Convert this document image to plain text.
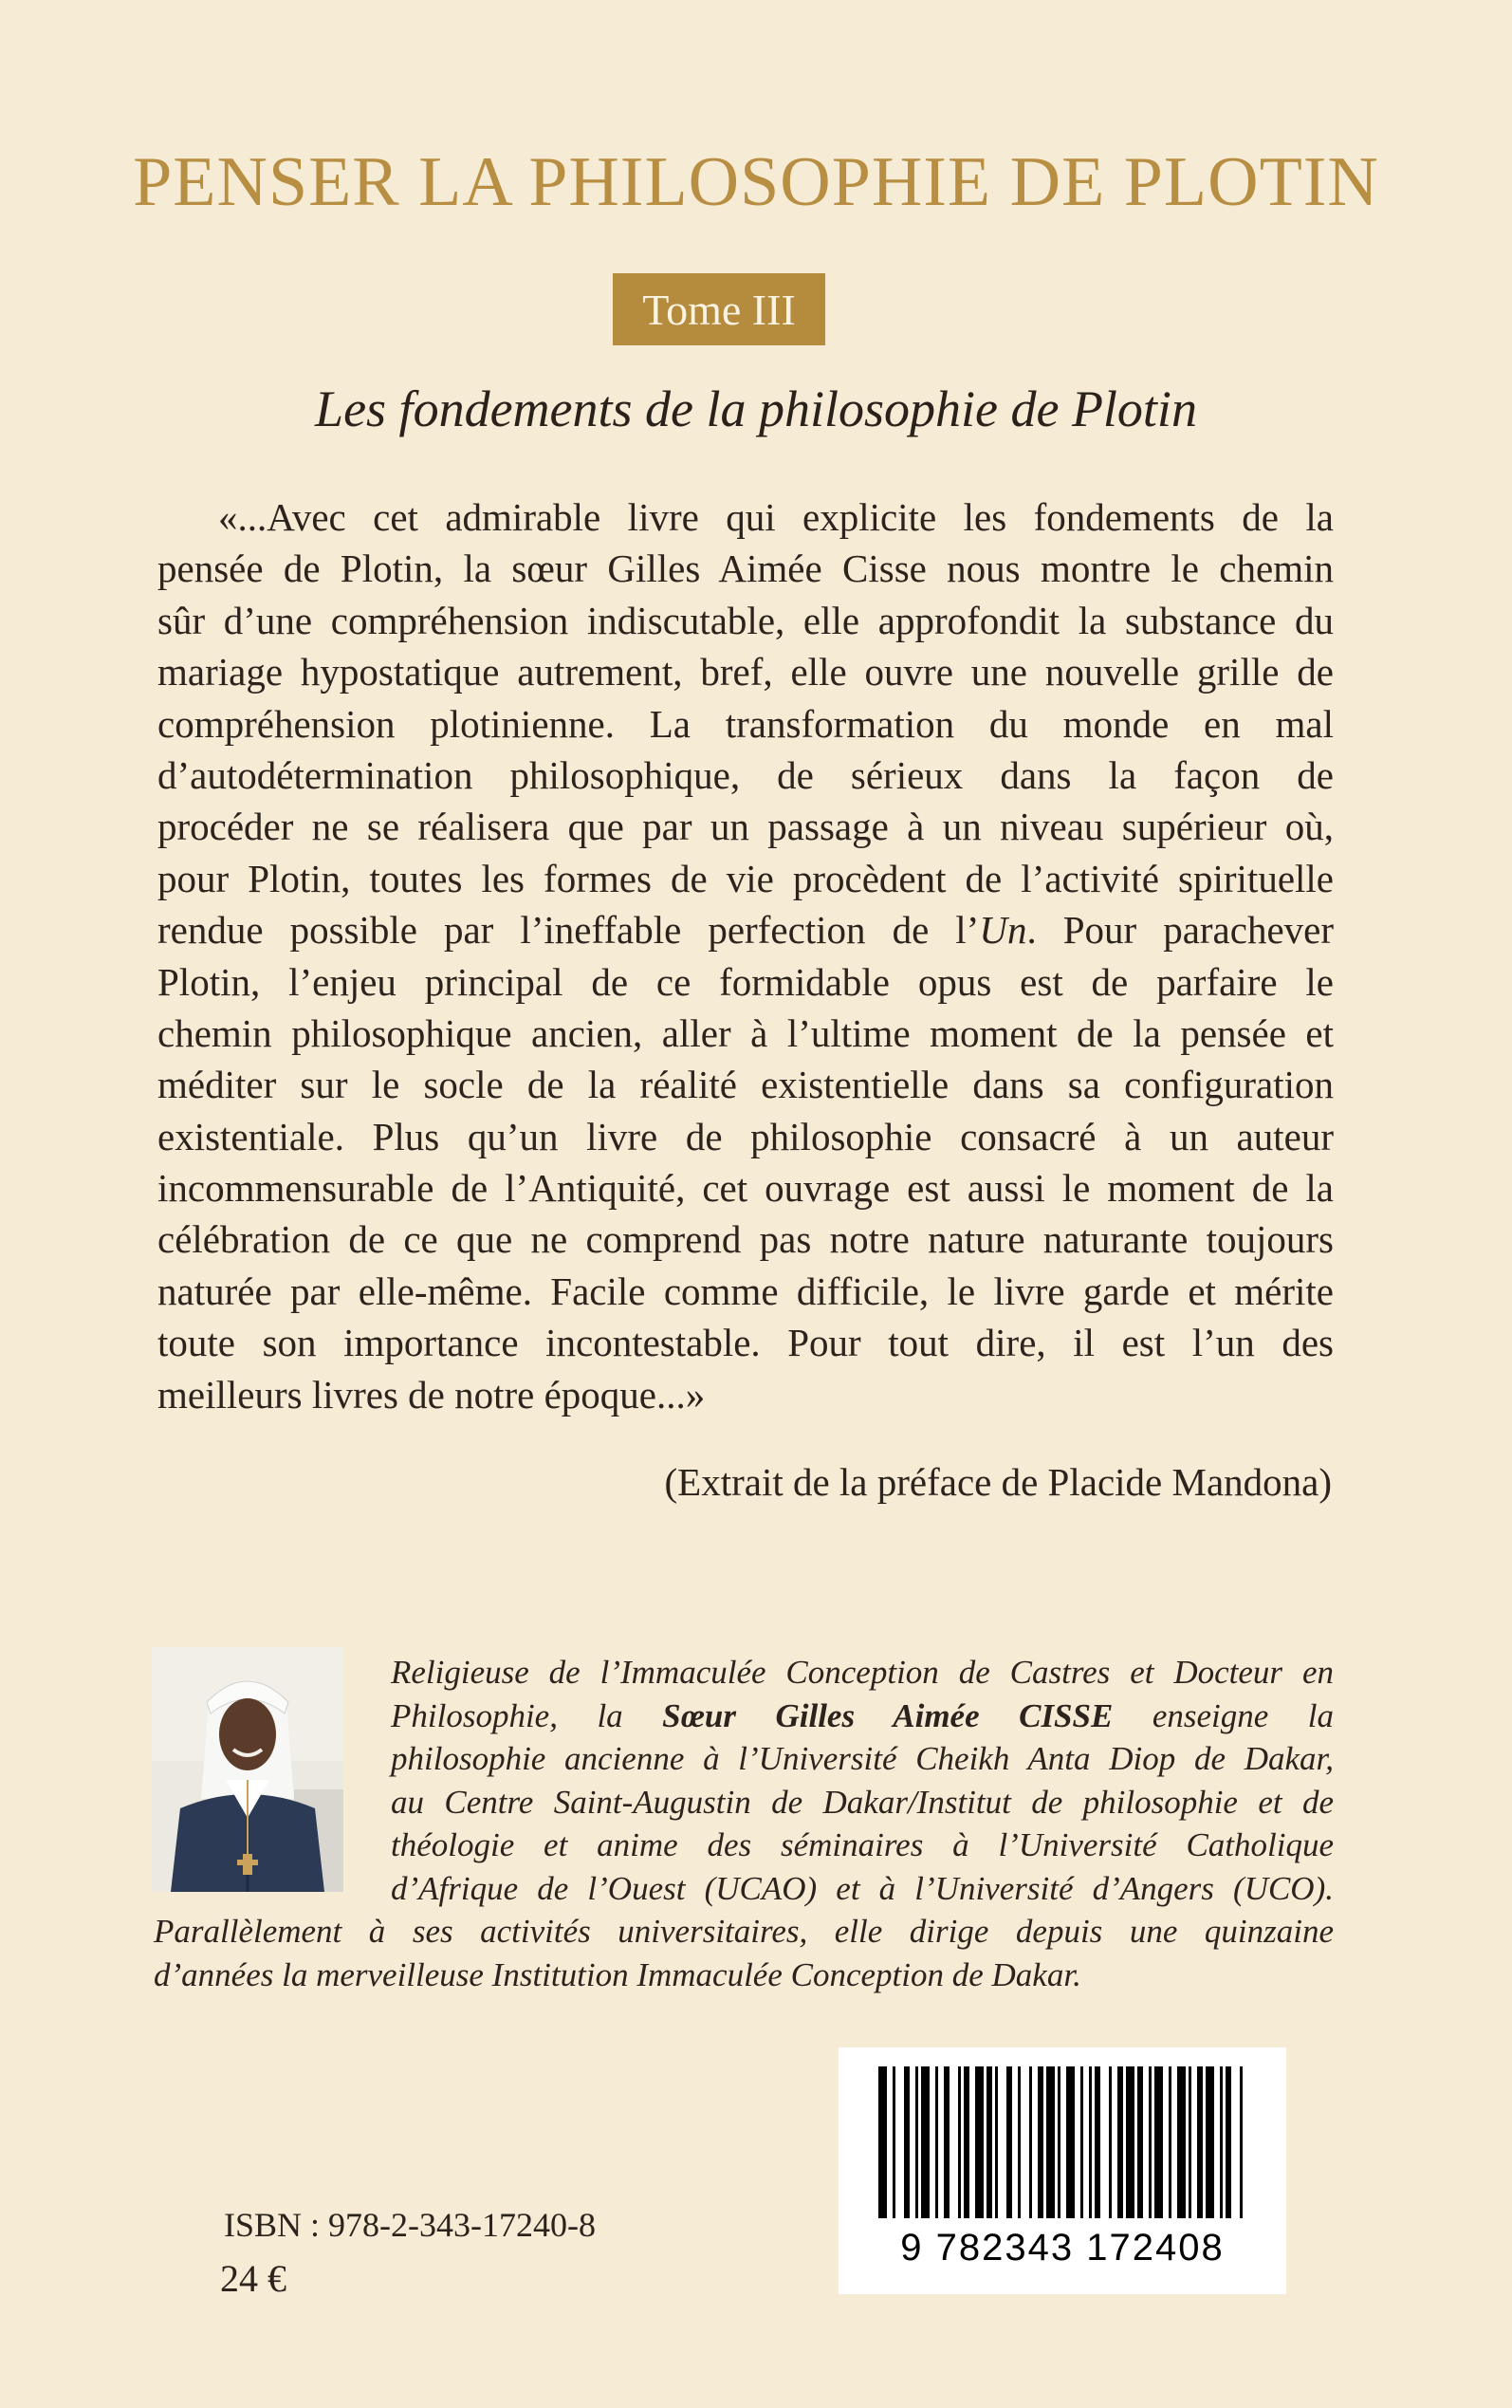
PENSER LA PHILOSOPHIE DE PLOTIN
Tome III
Les fondements de la philosophie de Plotin
«...Avec cet admirable livre qui explicite les fondements de la
pensée de Plotin, la sœur Gilles Aimée Cisse nous montre le chemin
sûr d’une compréhension indiscutable, elle approfondit la substance du
mariage hypostatique autrement, bref, elle ouvre une nouvelle grille de
compréhension plotinienne. La transformation du monde en mal
d’autodétermination philosophique, de sérieux dans la façon de
procéder ne se réalisera que par un passage à un niveau supérieur où,
pour Plotin, toutes les formes de vie procèdent de l’activité spirituelle
rendue possible par l’ineffable perfection de l’Un. Pour parachever
Plotin, l’enjeu principal de ce formidable opus est de parfaire le
chemin philosophique ancien, aller à l’ultime moment de la pensée et
méditer sur le socle de la réalité existentielle dans sa configuration
existentiale. Plus qu’un livre de philosophie consacré à un auteur
incommensurable de l’Antiquité, cet ouvrage est aussi le moment de la
célébration de ce que ne comprend pas notre nature naturante toujours
naturée par elle-même. Facile comme difficile, le livre garde et mérite
toute son importance incontestable. Pour tout dire, il est l’un des
meilleurs livres de notre époque...»
(Extrait de la préface de Placide Mandona)
Religieuse de l’Immaculée Conception de Castres et Docteur en
Philosophie, la Sœur Gilles Aimée CISSE enseigne la
philosophie ancienne à l’Université Cheikh Anta Diop de Dakar,
au Centre Saint-Augustin de Dakar/Institut de philosophie et de
théologie et anime des séminaires à l’Université Catholique
d’Afrique de l’Ouest (UCAO) et à l’Université d’Angers (UCO).
Parallèlement à ses activités universitaires, elle dirige depuis une quinzaine
d’années la merveilleuse Institution Immaculée Conception de Dakar.
9 782343 172408
ISBN : 978-2-343-17240-8
24 €
